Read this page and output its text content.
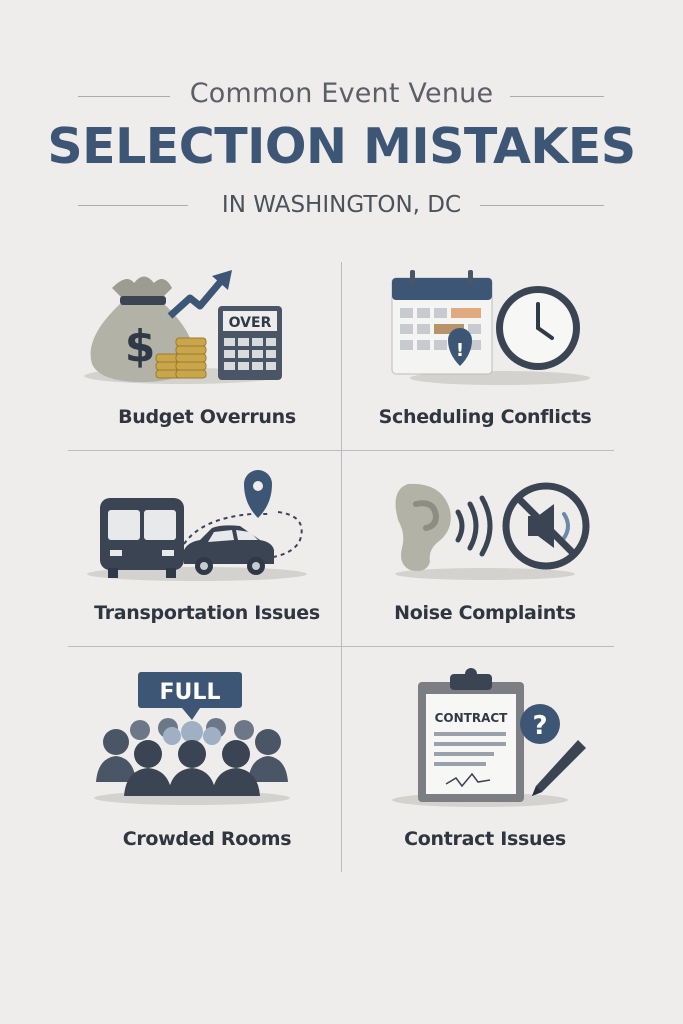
Common Event Venue
SELECTION MISTAKES
IN WASHINGTON, DC
$	OVER
Budget Overruns
!
Scheduling Conflicts
Transportation Issues	Noise Complaints
FULL
Crowded Rooms
CONTRACT ?
Contract Issues
